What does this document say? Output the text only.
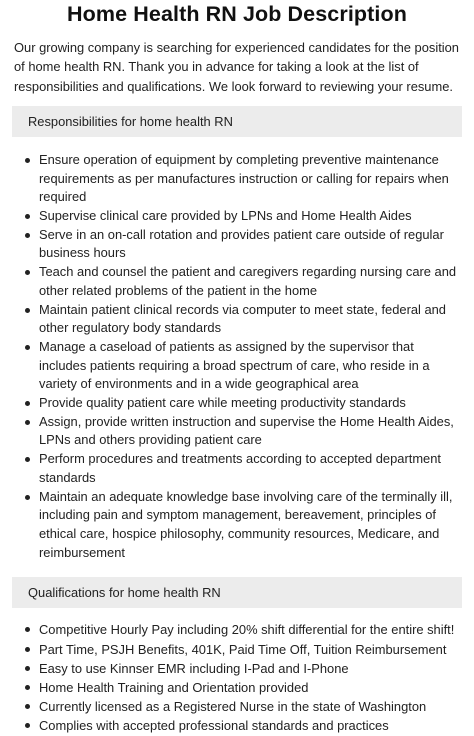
Home Health RN Job Description

Our growing company is searching for experienced candidates for the position of home health RN. Thank you in advance for taking a look at the list of responsibilities and qualifications. We look forward to reviewing your resume.

Responsibilities for home health RN
Ensure operation of equipment by completing preventive maintenance requirements as per manufactures instruction or calling for repairs when required
Supervise clinical care provided by LPNs and Home Health Aides
Serve in an on-call rotation and provides patient care outside of regular business hours
Teach and counsel the patient and caregivers regarding nursing care and other related problems of the patient in the home
Maintain patient clinical records via computer to meet state, federal and other regulatory body standards
Manage a caseload of patients as assigned by the supervisor that includes patients requiring a broad spectrum of care, who reside in a variety of environments and in a wide geographical area
Provide quality patient care while meeting productivity standards
Assign, provide written instruction and supervise the Home Health Aides, LPNs and others providing patient care
Perform procedures and treatments according to accepted department standards
Maintain an adequate knowledge base involving care of the terminally ill, including pain and symptom management, bereavement, principles of ethical care, hospice philosophy, community resources, Medicare, and reimbursement
Qualifications for home health RN
Competitive Hourly Pay including 20% shift differential for the entire shift!
Part Time, PSJH Benefits, 401K, Paid Time Off, Tuition Reimbursement
Easy to use Kinnser EMR including I-Pad and I-Phone
Home Health Training and Orientation provided
Currently licensed as a Registered Nurse in the state of Washington
Complies with accepted professional standards and practices
